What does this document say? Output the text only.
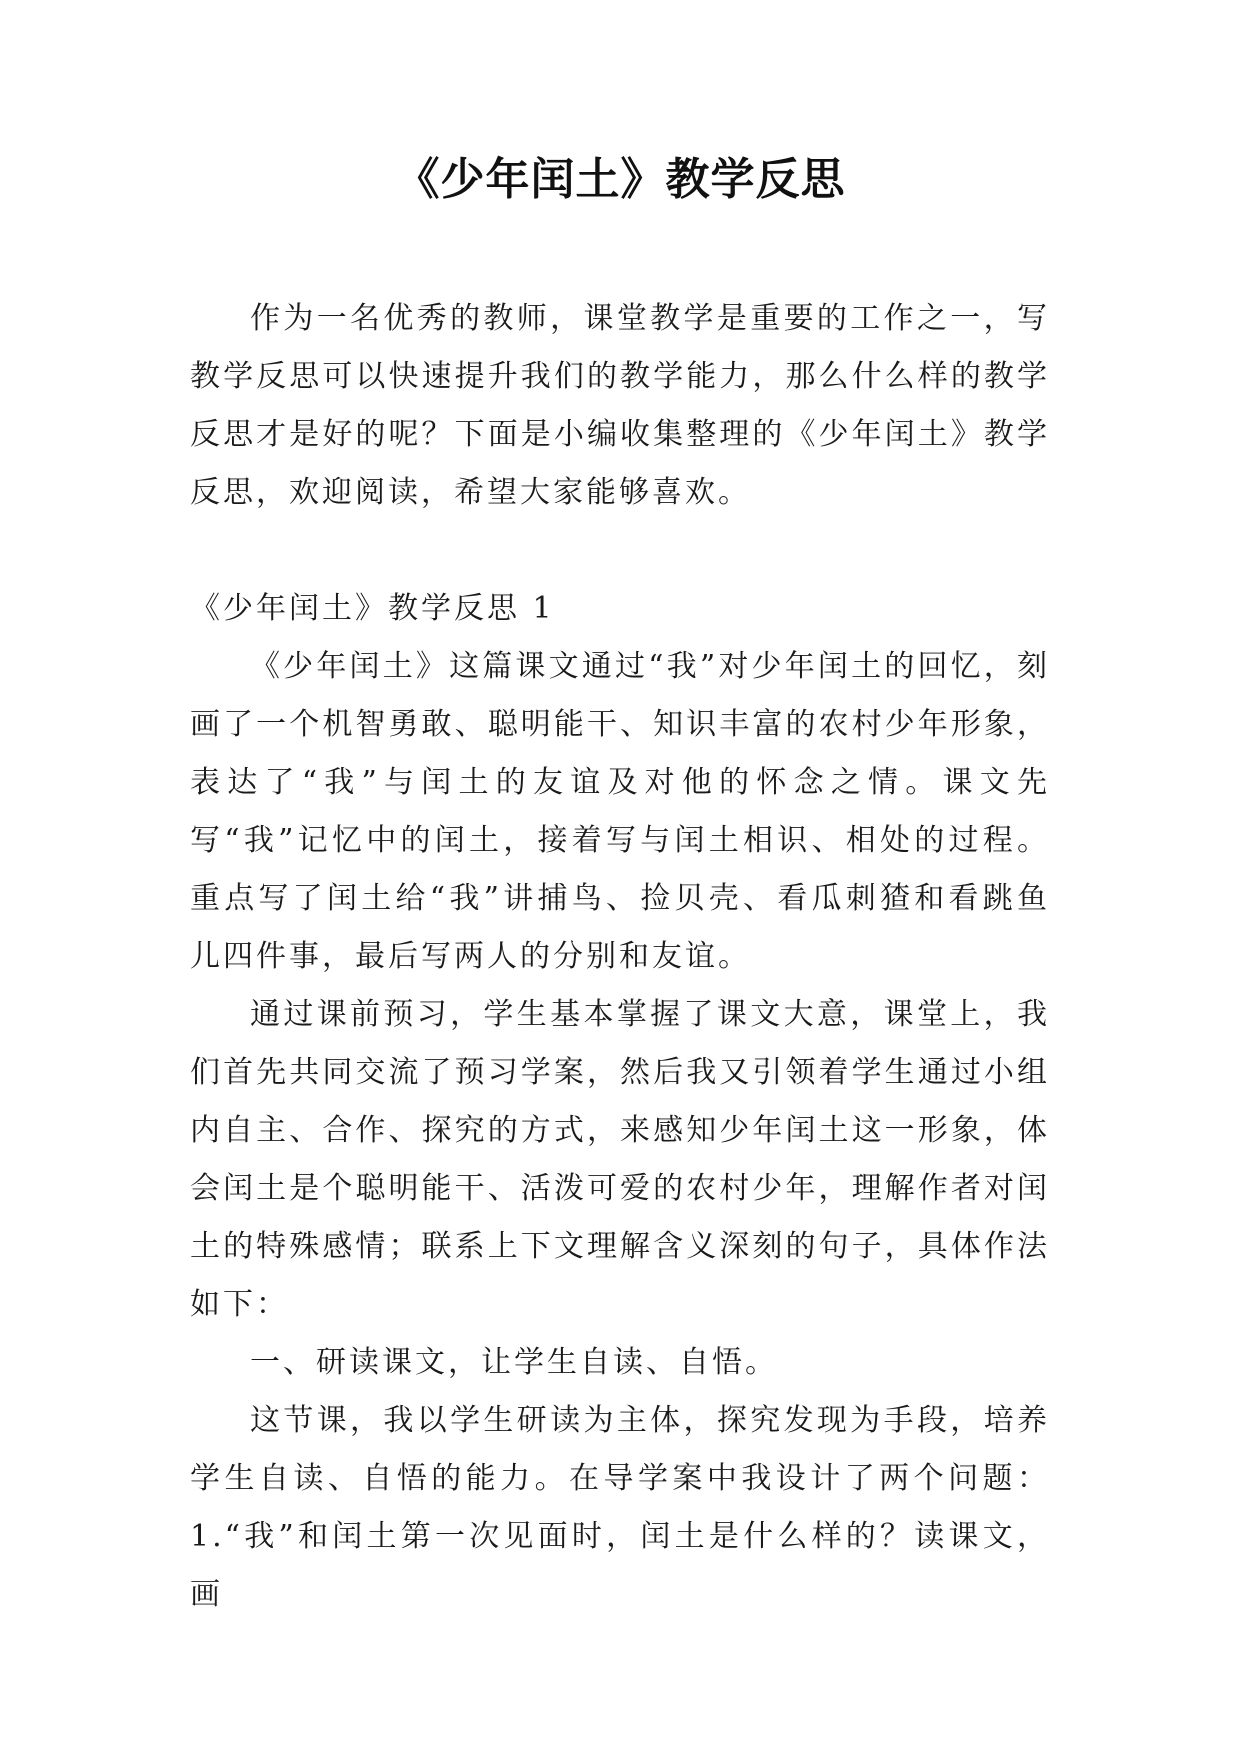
《少年闰土》教学反思

作为一名优秀的教师，课堂教学是重要的工作之一，写教学反思可以快速提升我们的教学能力，那么什么样的教学反思才是好的呢？下面是小编收集整理的《少年闰土》教学反思，欢迎阅读，希望大家能够喜欢。

《少年闰土》教学反思 1

《少年闰土》这篇课文通过“我”对少年闰土的回忆，刻画了一个机智勇敢、聪明能干、知识丰富的农村少年形象，表达了“我”与闰土的友谊及对他的怀念之情。课文先写“我”记忆中的闰土，接着写与闰土相识、相处的过程。重点写了闰土给“我”讲捕鸟、捡贝壳、看瓜刺猹和看跳鱼儿四件事，最后写两人的分别和友谊。

通过课前预习，学生基本掌握了课文大意，课堂上，我们首先共同交流了预习学案，然后我又引领着学生通过小组内自主、合作、探究的方式，来感知少年闰土这一形象，体会闰土是个聪明能干、活泼可爱的农村少年，理解作者对闰土的特殊感情；联系上下文理解含义深刻的句子，具体作法如下：

一、研读课文，让学生自读、自悟。

这节课，我以学生研读为主体，探究发现为手段，培养学生自读、自悟的能力。在导学案中我设计了两个问题：1.“我”和闰土第一次见面时，闰土是什么样的？读课文，画
